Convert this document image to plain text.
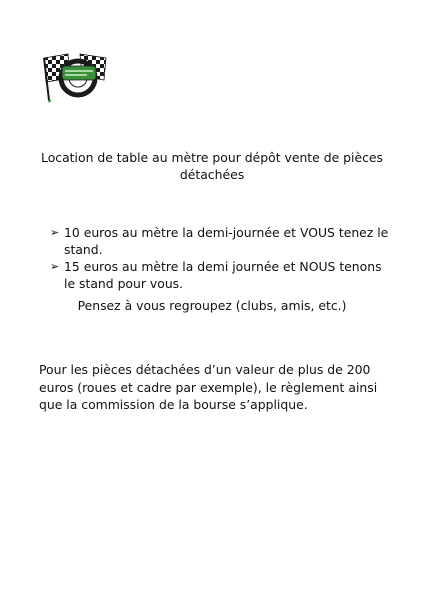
Location de table au mètre pour dépôt vente de pièces détachées
➢ 10 euros au mètre la demi-journée et VOUS tenez le stand.
➢ 15 euros au mètre la demi journée et NOUS tenons le stand pour vous.
Pensez à vous regroupez (clubs, amis, etc.)
Pour les pièces détachées d’un valeur de plus de 200 euros (roues et cadre par exemple), le règlement ainsi que la commission de la bourse s’applique.
